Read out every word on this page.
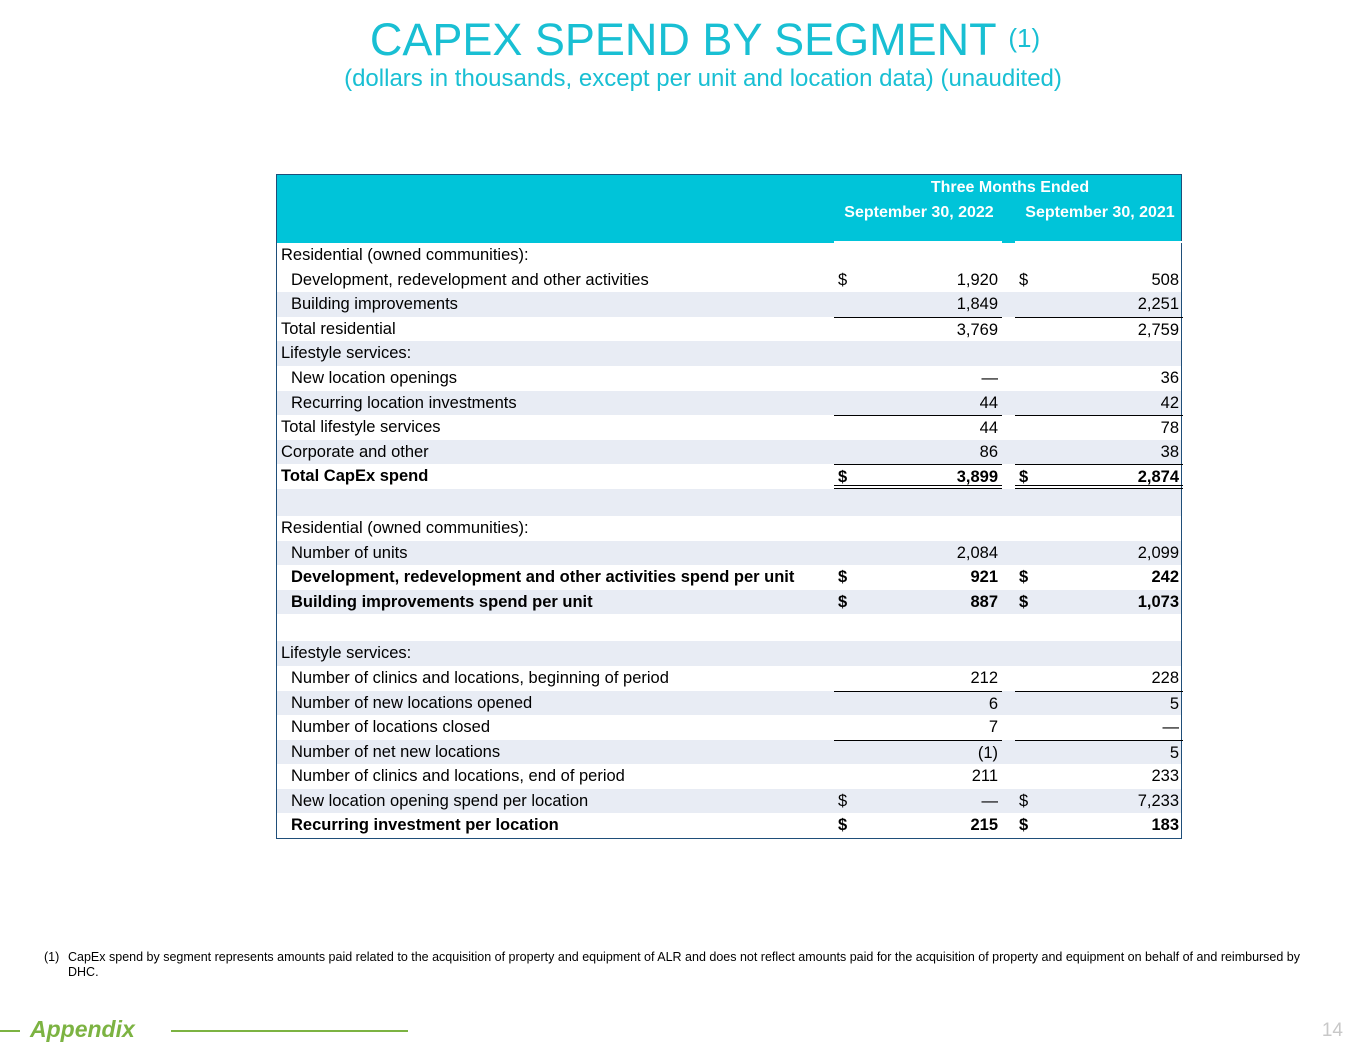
CAPEX SPEND BY SEGMENT $^{(1)}$
(dollars in thousands, except per unit and location data) (unaudited)
Three Months Ended
September 30, 2022	September 30, 2021
Residential (owned communities):
Development, redevelopment and other activities	$	1,920 $	508
Building improvements	1,849	2,251
Total residential	3,769	2,759
Lifestyle services:
New location openings	—	36
Recurring location investments	44	42
Total lifestyle services	44	78
Corporate and other	86	38
Total CapEx spend	$	3,899 $	2,874
Residential (owned communities):
Number of units	2,084	2,099
Development, redevelopment and other activities spend per unit	$	921 $	242
Building improvements spend per unit	$	887 $	1,073
Lifestyle services:
Number of clinics and locations, beginning of period	212	228
Number of new locations opened	6	5
Number of locations closed	7	—
Number of net new locations	(1)	5
Number of clinics and locations, end of period	211	233
New location opening spend per location	$	— $	7,233
Recurring investment per location	$	215 $	183
(1) CapEx spend by segment represents amounts paid related to the acquisition of property and equipment of ALR and does not reflect amounts paid for the acquisition of property and equipment on behalf of and reimbursed by DHC.
Appendix	14
